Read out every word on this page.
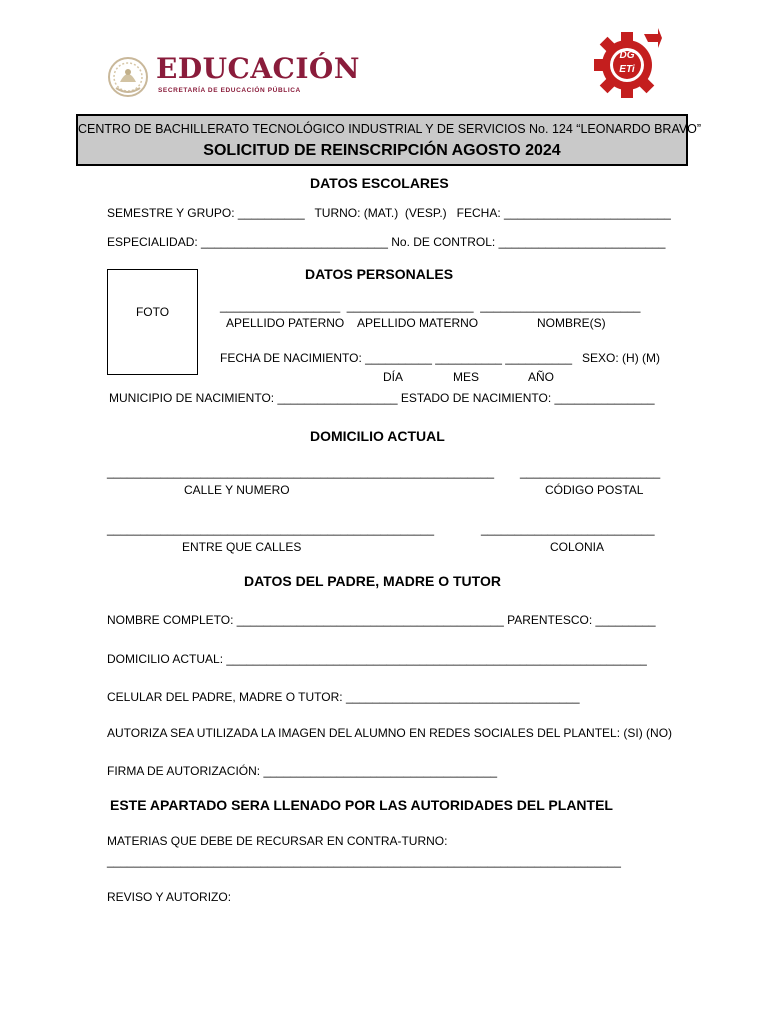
EDUCACIÓN
SECRETARÍA DE EDUCACIÓN PÚBLICA
DG
ETi
CENTRO DE BACHILLERATO TECNOLÓGICO INDUSTRIAL Y DE SERVICIOS No. 124 “LEONARDO BRAVO”
SOLICITUD DE REINSCRIPCIÓN AGOSTO 2024
DATOS ESCOLARES
SEMESTRE Y GRUPO: __________   TURNO: (MAT.)  (VESP.)   FECHA: _________________________
ESPECIALIDAD: ____________________________ No. DE CONTROL: _________________________
DATOS PERSONALES
FOTO	__________________  ___________________  ________________________
APELLIDO PATERNO APELLIDO MATERNO	NOMBRE(S)
FECHA DE NACIMIENTO: __________ __________ __________   SEXO: (H) (M)
DÍA	MES	AÑO
MUNICIPIO DE NACIMIENTO: __________________ ESTADO DE NACIMIENTO: _______________
DOMICILIO ACTUAL
__________________________________________________________ _____________________
CALLE Y NUMERO	CÓDIGO POSTAL
_________________________________________________	__________________________
ENTRE QUE CALLES	COLONIA
DATOS DEL PADRE, MADRE O TUTOR
NOMBRE COMPLETO: ________________________________________ PARENTESCO: _________
DOMICILIO ACTUAL: _______________________________________________________________
CELULAR DEL PADRE, MADRE O TUTOR: ___________________________________
AUTORIZA SEA UTILIZADA LA IMAGEN DEL ALUMNO EN REDES SOCIALES DEL PLANTEL: (SI) (NO)
FIRMA DE AUTORIZACIÓN: ___________________________________
ESTE APARTADO SERA LLENADO POR LAS AUTORIDADES DEL PLANTEL
MATERIAS QUE DEBE DE RECURSAR EN CONTRA-TURNO:
_____________________________________________________________________________
REVISO Y AUTORIZO:
